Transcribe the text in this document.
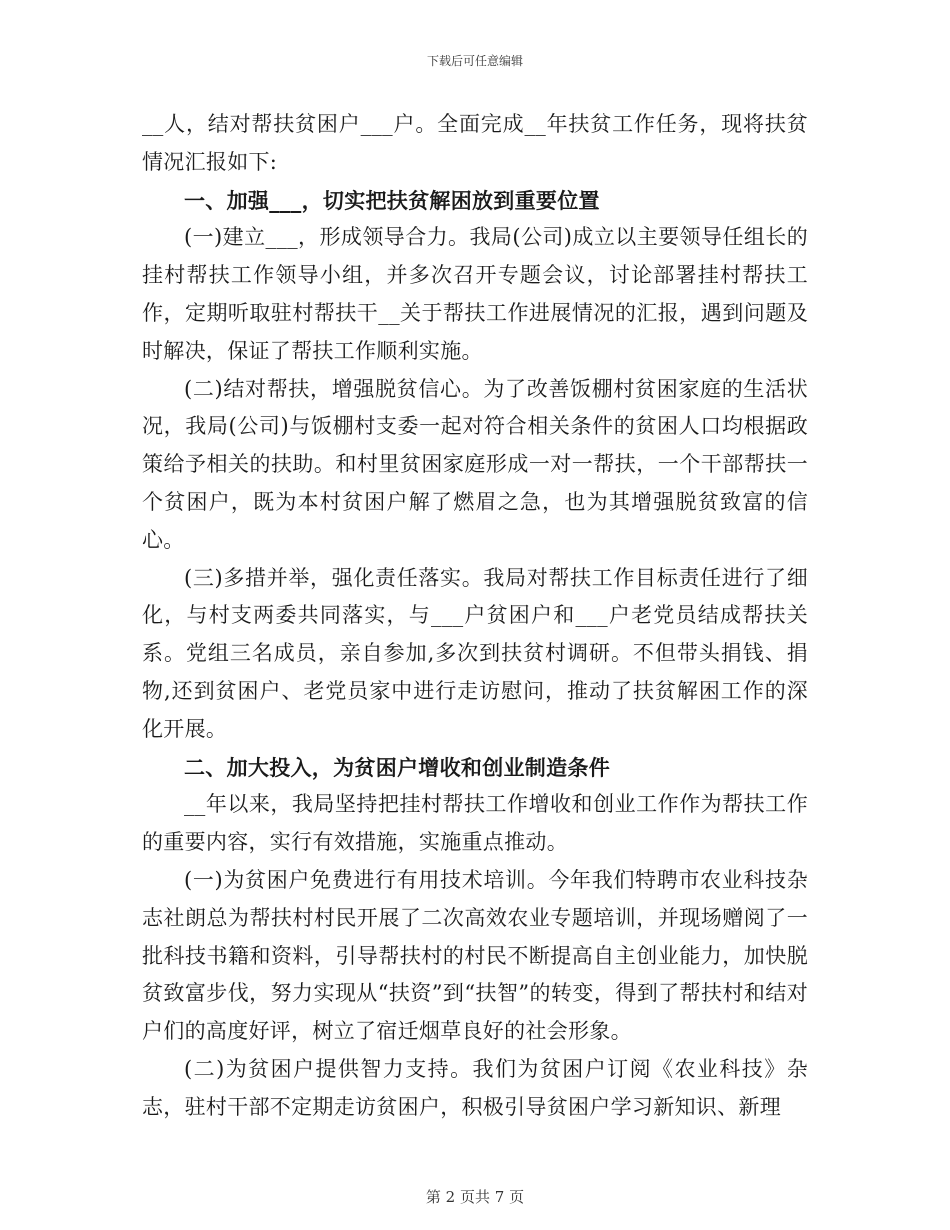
下载后可任意编辑

__人，结对帮扶贫困户___户。全面完成__年扶贫工作任务，现将扶贫情况汇报如下:

一、加强___，切实把扶贫解困放到重要位置

(一)建立___，形成领导合力。我局(公司)成立以主要领导任组长的挂村帮扶工作领导小组，并多次召开专题会议，讨论部署挂村帮扶工作，定期听取驻村帮扶干__关于帮扶工作进展情况的汇报，遇到问题及时解决，保证了帮扶工作顺利实施。

(二)结对帮扶，增强脱贫信心。为了改善饭棚村贫困家庭的生活状况，我局(公司)与饭棚村支委一起对符合相关条件的贫困人口均根据政策给予相关的扶助。和村里贫困家庭形成一对一帮扶，一个干部帮扶一个贫困户，既为本村贫困户解了燃眉之急，也为其增强脱贫致富的信心。

(三)多措并举，强化责任落实。我局对帮扶工作目标责任进行了细化，与村支两委共同落实，与___户贫困户和___户老党员结成帮扶关系。党组三名成员，亲自参加,多次到扶贫村调研。不但带头捐钱、捐物,还到贫困户、老党员家中进行走访慰问，推动了扶贫解困工作的深化开展。

二、加大投入，为贫困户增收和创业制造条件

__年以来，我局坚持把挂村帮扶工作增收和创业工作作为帮扶工作的重要内容，实行有效措施，实施重点推动。

(一)为贫困户免费进行有用技术培训。今年我们特聘市农业科技杂志社朗总为帮扶村村民开展了二次高效农业专题培训，并现场赠阅了一批科技书籍和资料，引导帮扶村的村民不断提高自主创业能力，加快脱贫致富步伐，努力实现从“扶资”到“扶智”的转变，得到了帮扶村和结对户们的高度好评，树立了宿迁烟草良好的社会形象。

(二)为贫困户提供智力支持。我们为贫困户订阅《农业科技》杂志，驻村干部不定期走访贫困户，积极引导贫困户学习新知识、新理

第 2 页共 7 页
